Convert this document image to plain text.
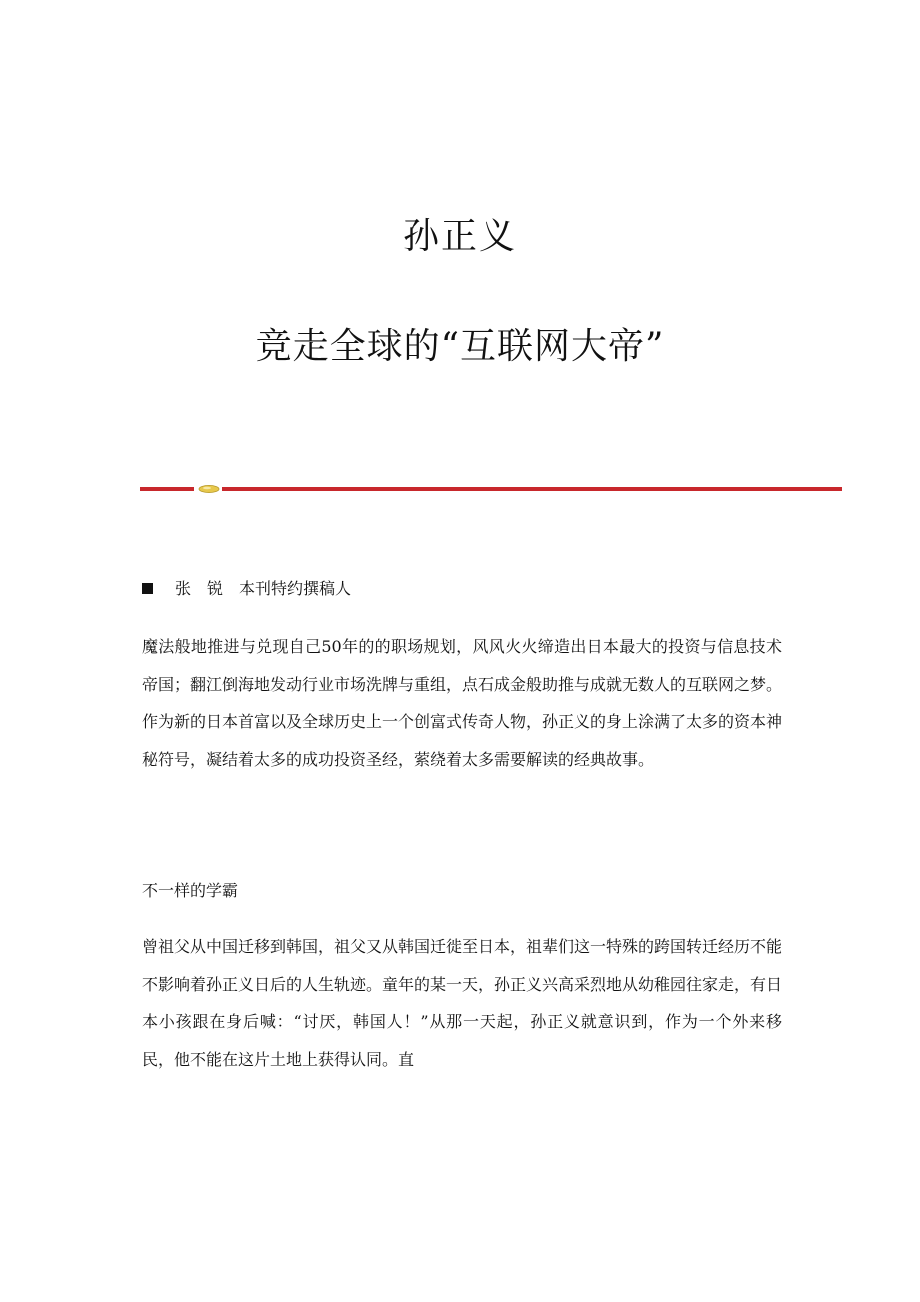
孙正义
竞走全球的“互联网大帝”
张　锐　本刊特约撰稿人

魔法般地推进与兑现自己50年的的职场规划，风风火火缔造出日本最大的投资与信息技术帝国；翻江倒海地发动行业市场洗牌与重组，点石成金般助推与成就无数人的互联网之梦。作为新的日本首富以及全球历史上一个创富式传奇人物，孙正义的身上涂满了太多的资本神秘符号，凝结着太多的成功投资圣经，萦绕着太多需要解读的经典故事。

不一样的学霸

曾祖父从中国迁移到韩国，祖父又从韩国迁徙至日本，祖辈们这一特殊的跨国转迁经历不能不影响着孙正义日后的人生轨迹。童年的某一天，孙正义兴高采烈地从幼稚园往家走，有日本小孩跟在身后喊：“讨厌，韩国人！”从那一天起，孙正义就意识到，作为一个外来移民，他不能在这片土地上获得认同。直
